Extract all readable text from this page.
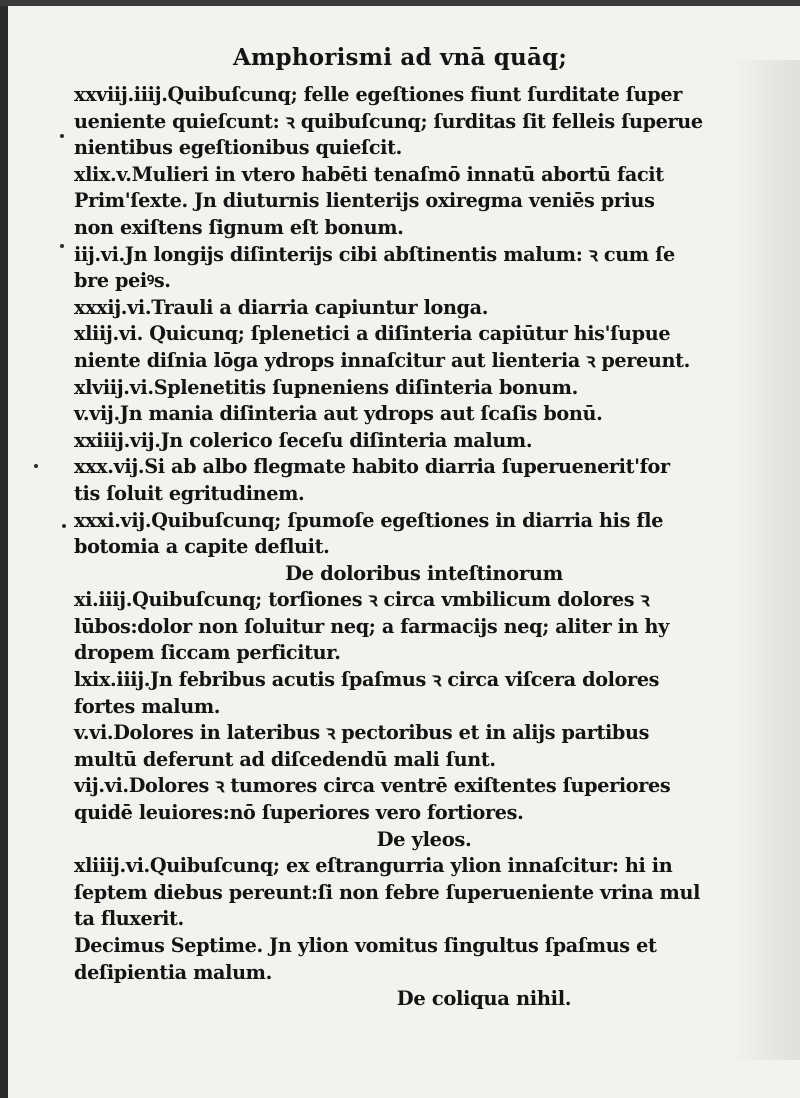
Amphorismi ad vnā quāq;
xxviij.iiij.Quibuſcunq; felle egeſtiones fiunt ſurditate ſuper
ueniente quieſcunt: ꝛ quibuſcunq; ſurditas ſit felleis ſuperue
nientibus egeſtionibus quieſcit.
xlix.v.Mulieri in vtero habēti tenaſmō innatū abortū facit
Prim'ſexte. Jn diuturnis lienterijs oxiregma veniēs prius
non exiſtens ſignum eſt bonum.
iij.vi.Jn longijs diſinterijs cibi abſtinentis malum: ꝛ cum ſe
bre peiꝰs.
xxxij.vi.Trauli a diarria capiuntur longa.
xliij.vi. Quicunq; ſplenetici a diſinteria capiūtur his'ſupue
niente diſnia lōga ydrops innaſcitur aut lienteria ꝛ pereunt.
xlviij.vi.Splenetitis ſupneniens diſinteria bonum.
v.vij.Jn mania diſinteria aut ydrops aut ſcaſis bonū.
xxiiij.vij.Jn colerico ſeceſu diſinteria malum.
xxx.vij.Si ab albo flegmate habito diarria ſuperuenerit'for
tis ſoluit egritudinem.
xxxi.vij.Quibuſcunq; ſpumoſe egeſtiones in diarria his fle
botomia a capite defluit.
De doloribus inteſtinorum
xi.iiij.Quibuſcunq; torſiones ꝛ circa vmbilicum dolores ꝛ
lūbos:dolor non ſoluitur neq; a farmacijs neq; aliter in hy
dropem ſiccam perficitur.
lxix.iiij.Jn febribus acutis ſpaſmus ꝛ circa viſcera dolores
fortes malum.
v.vi.Dolores in lateribus ꝛ pectoribus et in alijs partibus
multū deferunt ad diſcedendū mali ſunt.
vij.vi.Dolores ꝛ tumores circa ventrē exiſtentes ſuperiores
quidē leuiores:nō ſuperiores vero fortiores.
De yleos.
xliiij.vi.Quibuſcunq; ex eſtrangurria ylion innaſcitur: hi in
ſeptem diebus pereunt:ſi non febre ſuperueniente vrina mul
ta fluxerit.
Decimus Septime. Jn ylion vomitus ſingultus ſpaſmus et
deſipientia malum.
De coliqua nihil.
